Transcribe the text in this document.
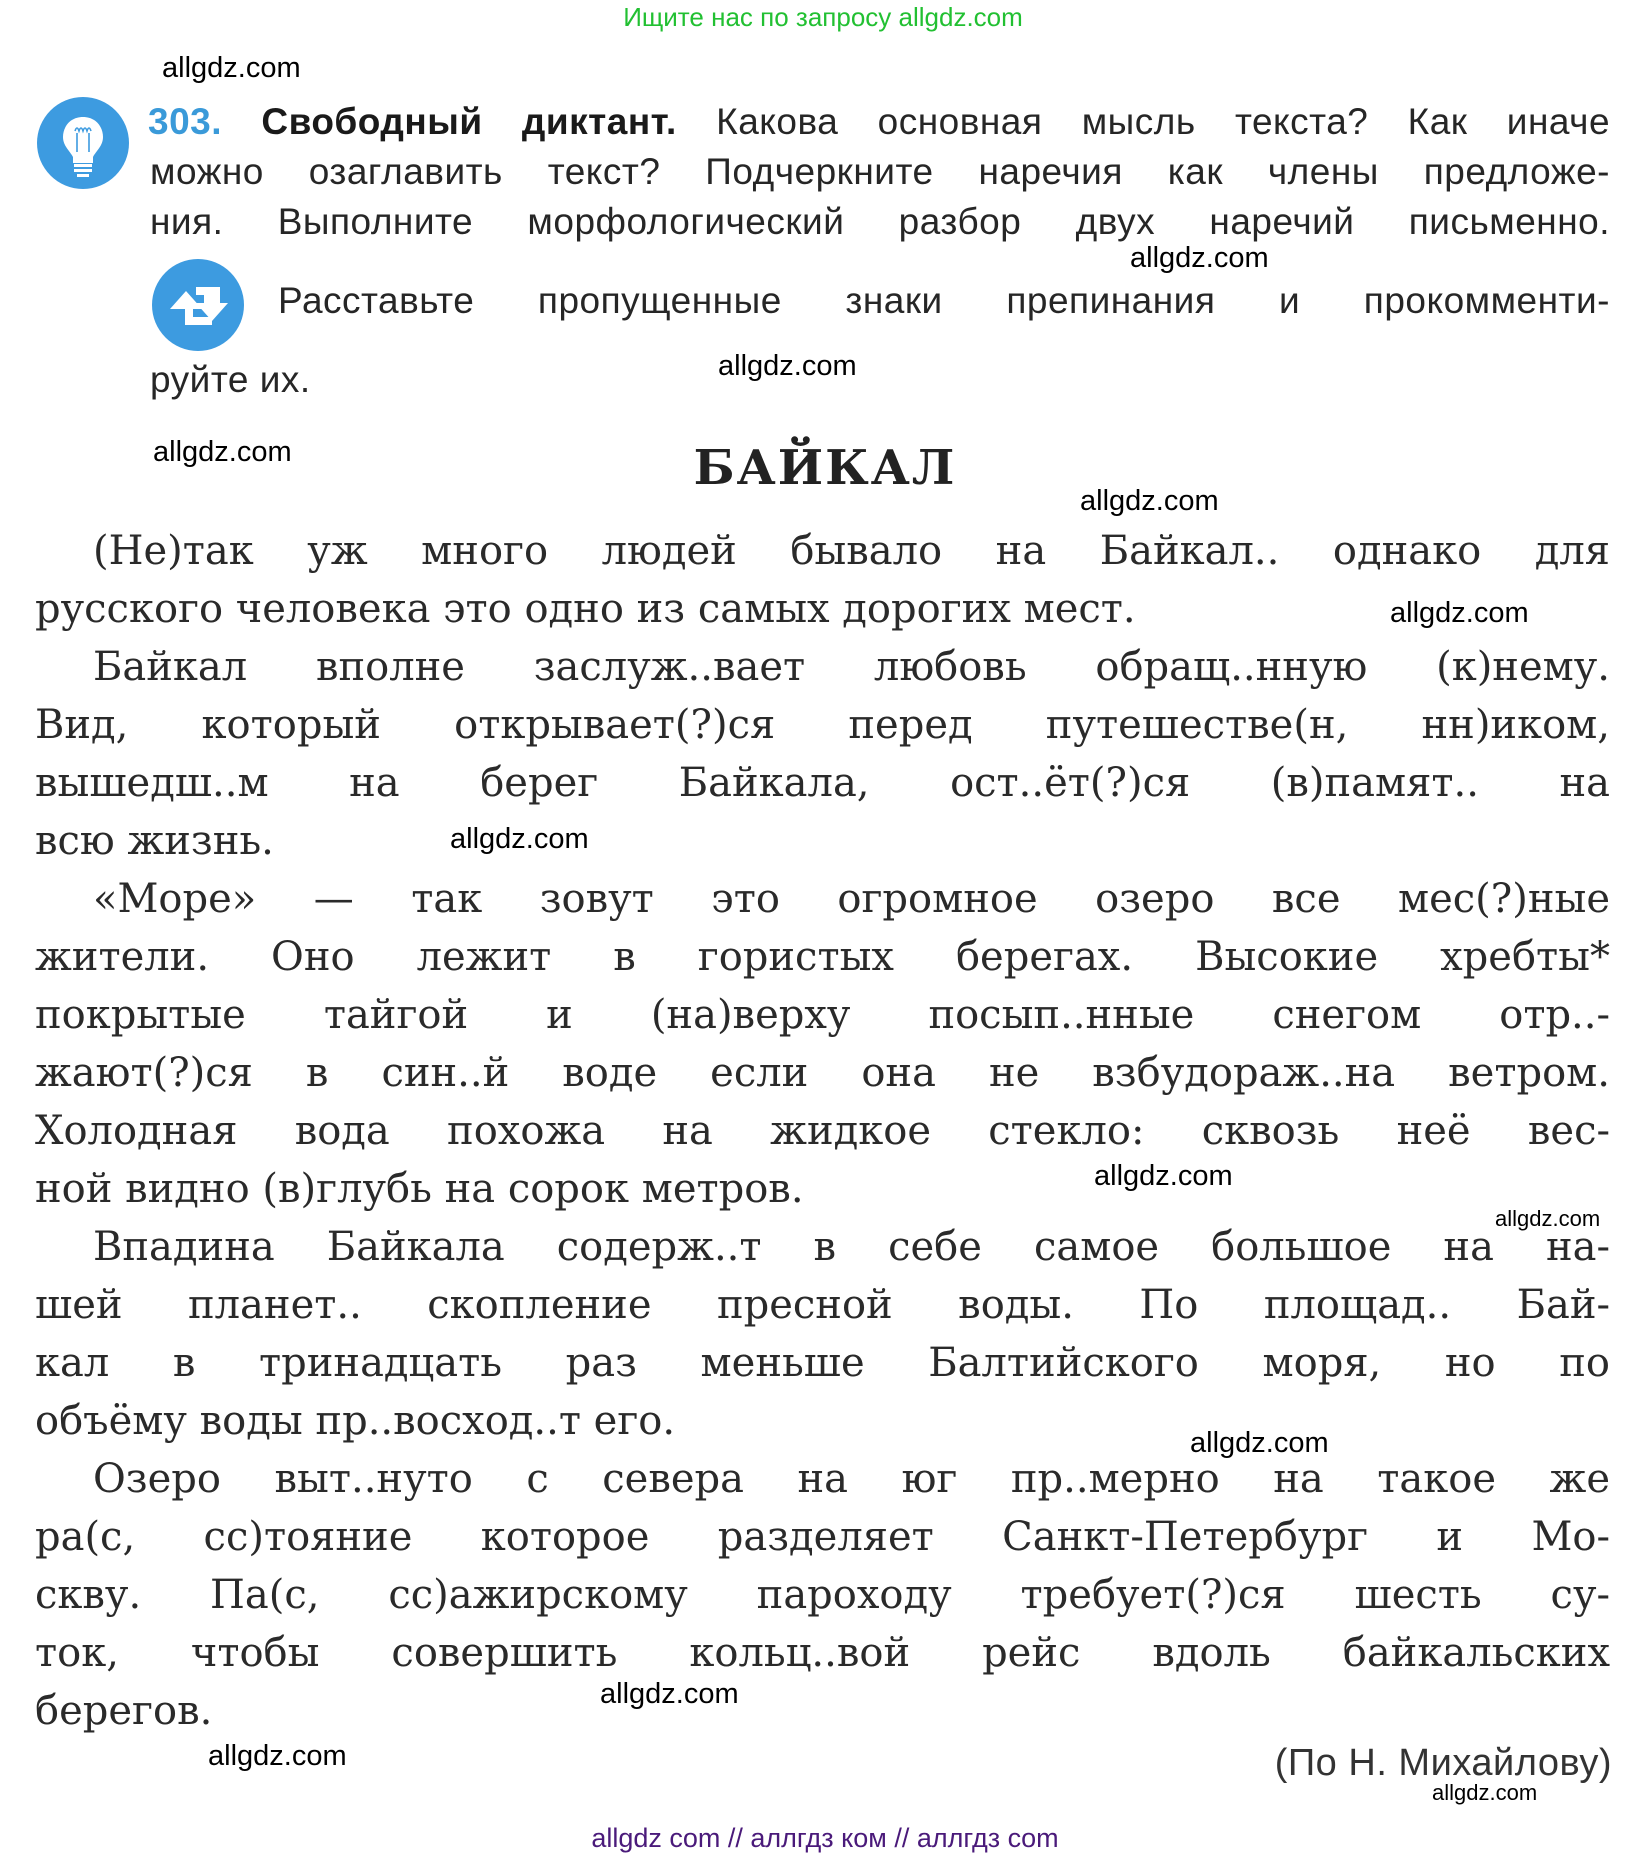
Ищите нас по запросу allgdz.com
303. Свободный диктант. Какова основная мысль текста? Как иначе
можно озаглавить текст? Подчеркните наречия как члены предложе-
ния. Выполните морфологический разбор двух наречий письменно.
Расставьте пропущенные знаки препинания и прокомменти-
руйте их.
БАЙКАЛ
(Не)так уж много людей бывало на Байкал.. однако для
русского человека это одно из самых дорогих мест.
Байкал вполне заслуж..вает любовь обращ..нную (к)нему.
Вид, который открывает(?)ся перед путешестве(н, нн)иком,
вышедш..м на берег Байкала, ост..ёт(?)ся (в)памят.. на
всю жизнь.
«Море» — так зовут это огромное озеро все мес(?)ные
жители. Оно лежит в гористых берегах. Высокие хребты*
покрытые тайгой и (на)верху посып..нные снегом отр..-
жают(?)ся в син..й воде если она не взбудораж..на ветром.
Холодная вода похожа на жидкое стекло: сквозь неё вес-
ной видно (в)глубь на сорок метров.
Впадина Байкала содерж..т в себе самое большое на на-
шей планет.. скопление пресной воды. По площад.. Бай-
кал в тринадцать раз меньше Балтийского моря, но по
объёму воды пр..восход..т его.
Озеро выт..нуто с севера на юг пр..мерно на такое же
ра(с, сс)тояние которое разделяет Санкт-Петербург и Мо-
скву. Па(с, сс)ажирскому пароходу требует(?)ся шесть су-
ток, чтобы совершить кольц..вой рейс вдоль байкальских
берегов.
(По Н. Михайлову)
allgdz.com
allgdz.com
allgdz.com
allgdz.com
allgdz.com
allgdz.com
allgdz.com
allgdz.com
allgdz.com
allgdz.com
allgdz.com
allgdz.com
allgdz.com
allgdz com // аллгдз ком // аллгдз com
